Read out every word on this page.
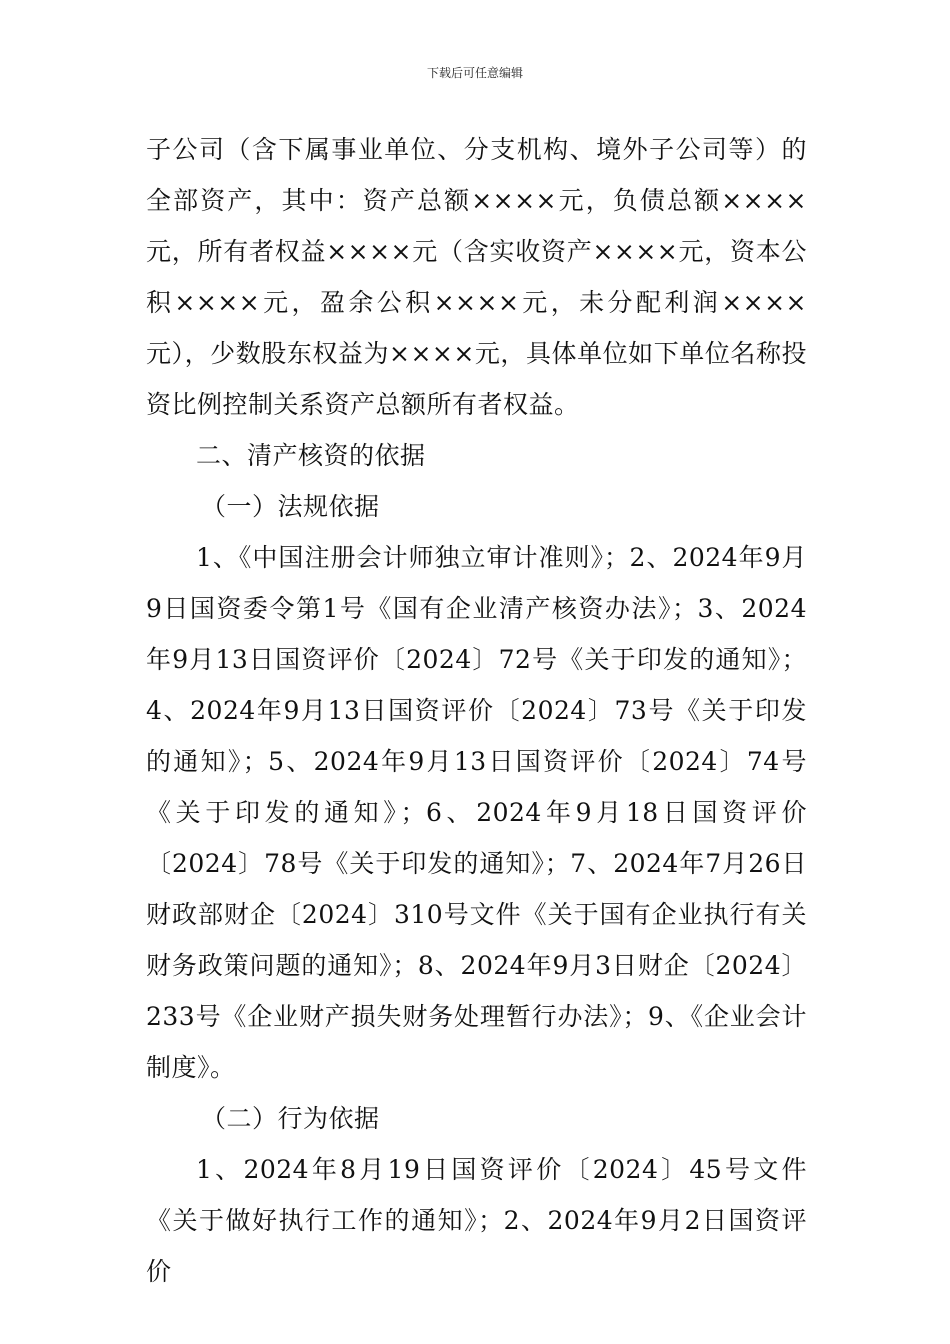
下载后可任意编辑

子公司（含下属事业单位、分支机构、境外子公司等）的全部资产，其中：资产总额××××元，负债总额××××元，所有者权益××××元（含实收资产××××元，资本公积××××元，盈余公积××××元，未分配利润××××元），少数股东权益为××××元，具体单位如下单位名称投资比例控制关系资产总额所有者权益。

二、清产核资的依据

（一）法规依据

1、《中国注册会计师独立审计准则》；2、2024年9月9日国资委令第1号《国有企业清产核资办法》；3、2024年9月13日国资评价〔2024〕72号《关于印发的通知》；4、2024年9月13日国资评价〔2024〕73号《关于印发的通知》；5、2024年9月13日国资评价〔2024〕74号《关于印发的通知》；6、2024年9月18日国资评价〔2024〕78号《关于印发的通知》；7、2024年7月26日财政部财企〔2024〕310号文件《关于国有企业执行有关财务政策问题的通知》；8、2024年9月3日财企〔2024〕233号《企业财产损失财务处理暂行办法》；9、《企业会计制度》。

（二）行为依据

1、2024年8月19日国资评价〔2024〕45号文件《关于做好执行工作的通知》；2、2024年9月2日国资评价
